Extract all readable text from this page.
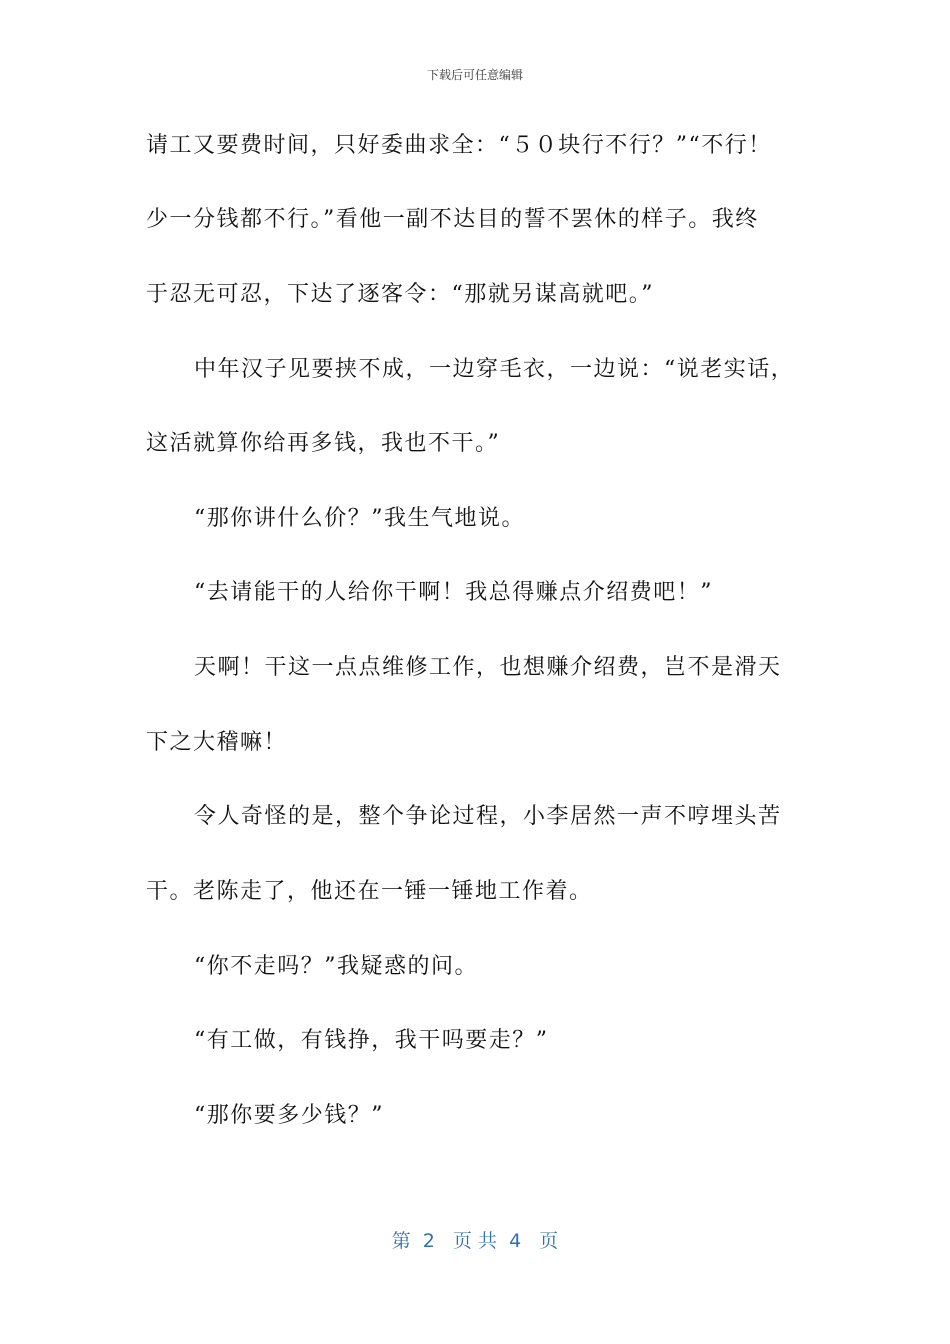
下载后可任意编辑
请工又要费时间，只好委曲求全：“５０块行不行？”“不行！
少一分钱都不行。”看他一副不达目的誓不罢休的样子。我终
于忍无可忍，下达了逐客令：“那就另谋高就吧。”
中年汉子见要挟不成，一边穿毛衣，一边说：“说老实话，
这活就算你给再多钱，我也不干。”
“那你讲什么价？”我生气地说。
“去请能干的人给你干啊！我总得赚点介绍费吧！”
天啊！干这一点点维修工作，也想赚介绍费，岂不是滑天
下之大稽嘛！
令人奇怪的是，整个争论过程，小李居然一声不哼埋头苦
干。老陈走了，他还在一锤一锤地工作着。
“你不走吗？”我疑惑的问。
“有工做，有钱挣，我干吗要走？”
“那你要多少钱？”
第  2   页 共  4   页
